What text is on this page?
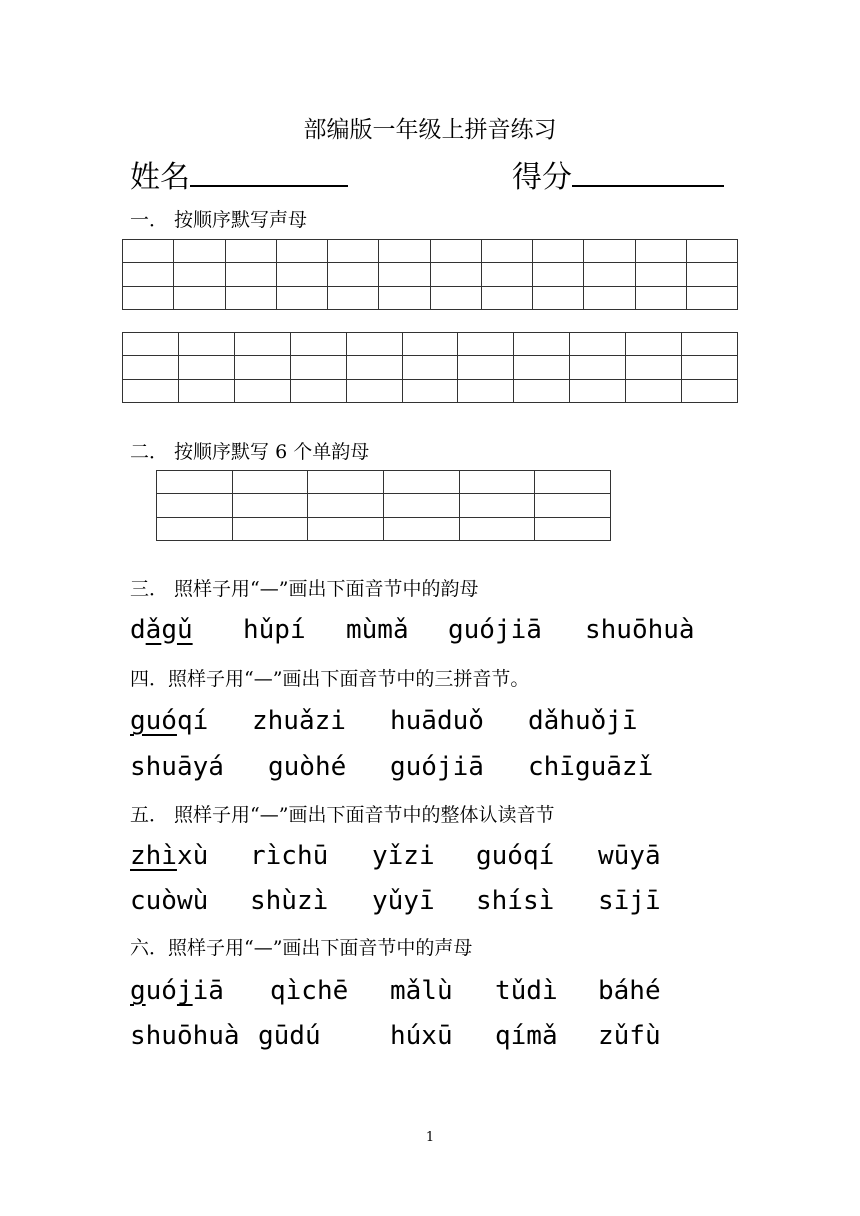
部编版一年级上拼音练习
姓名	得分
一． 按顺序默写声母

二． 按顺序默写 6 个单韵母

三． 照样子用“—”画出下面音节中的韵母
dǎgǔ hǔpí mùmǎ guójiā shuōhuà
四．照样子用“—”画出下面音节中的三拼音节。
guóqí zhuǎzi huāduǒ dǎhuǒjī
shuāyá guòhé guójiā chīguāzǐ
五． 照样子用“—”画出下面音节中的整体认读音节
zhìxù rìchū yǐzi guóqí wūyā
cuòwù shùzì yǔyī shísì sījī
六．照样子用“—”画出下面音节中的声母
guójiā qìchē mǎlù tǔdì báhé
shuōhuà gūdú	húxū qímǎ zǔfù
1
